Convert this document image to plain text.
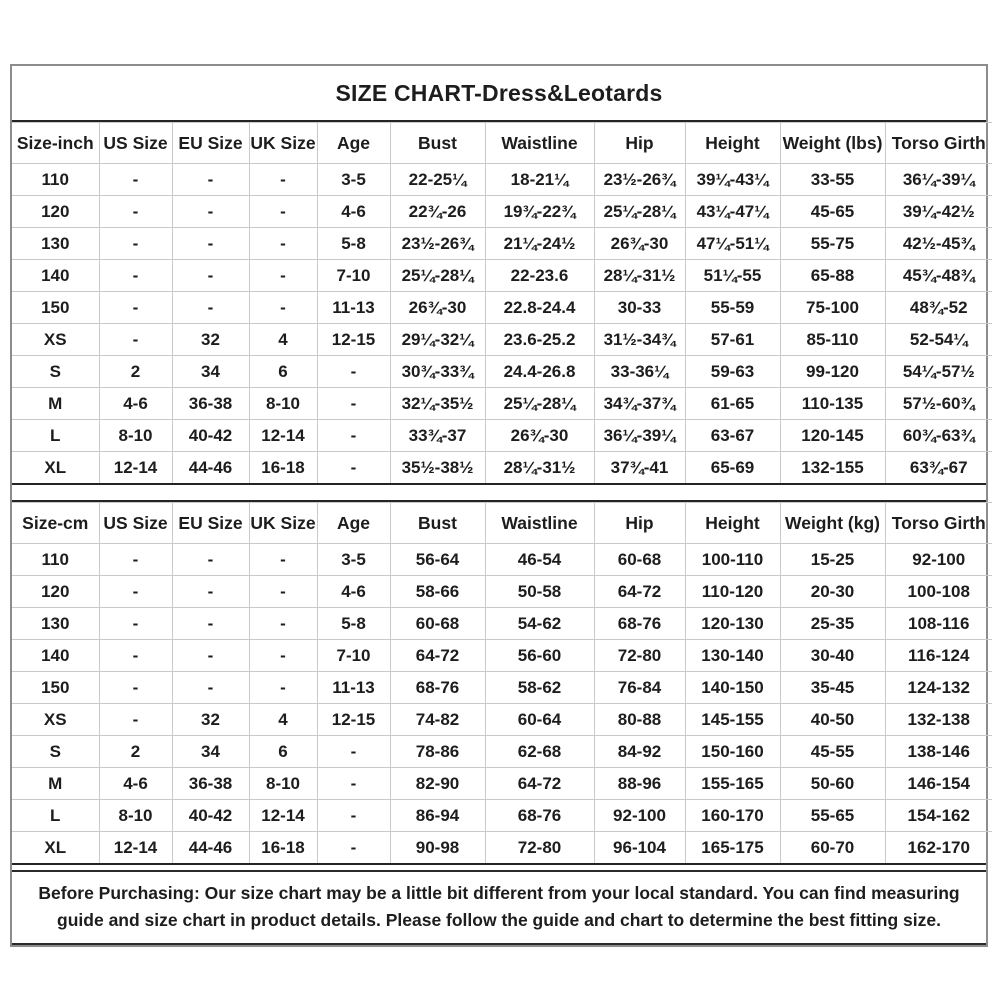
SIZE CHART-Dress&Leotards
Size-inch	US Size	EU Size	UK Size	Age	Bust	Waistline	Hip	Height	Weight (lbs)	Torso Girth
110	-	-	-	3-5	22-25¼	18-21¼	23½-26¾	39¼-43¼	33-55	36¼-39¼
120	-	-	-	4-6	22¾-26	19¾-22¾	25¼-28¼	43¼-47¼	45-65	39¼-42½
130	-	-	-	5-8	23½-26¾	21¼-24½	26¾-30	47¼-51¼	55-75	42½-45¾
140	-	-	-	7-10	25¼-28¼	22-23.6	28¼-31½	51¼-55	65-88	45¾-48¾
150	-	-	-	11-13	26¾-30	22.8-24.4	30-33	55-59	75-100	48¾-52
XS	-	32	4	12-15	29¼-32¼	23.6-25.2	31½-34¾	57-61	85-110	52-54¼
S	2	34	6	-	30¾-33¾	24.4-26.8	33-36¼	59-63	99-120	54¼-57½
M	4-6	36-38	8-10	-	32¼-35½	25¼-28¼	34¾-37¾	61-65	110-135	57½-60¾
L	8-10	40-42	12-14	-	33¾-37	26¾-30	36¼-39¼	63-67	120-145	60¾-63¾
XL	12-14	44-46	16-18	-	35½-38½	28¼-31½	37¾-41	65-69	132-155	63¾-67
Size-cm	US Size	EU Size	UK Size	Age	Bust	Waistline	Hip	Height	Weight (kg)	Torso Girth
110	-	-	-	3-5	56-64	46-54	60-68	100-110	15-25	92-100
120	-	-	-	4-6	58-66	50-58	64-72	110-120	20-30	100-108
130	-	-	-	5-8	60-68	54-62	68-76	120-130	25-35	108-116
140	-	-	-	7-10	64-72	56-60	72-80	130-140	30-40	116-124
150	-	-	-	11-13	68-76	58-62	76-84	140-150	35-45	124-132
XS	-	32	4	12-15	74-82	60-64	80-88	145-155	40-50	132-138
S	2	34	6	-	78-86	62-68	84-92	150-160	45-55	138-146
M	4-6	36-38	8-10	-	82-90	64-72	88-96	155-165	50-60	146-154
L	8-10	40-42	12-14	-	86-94	68-76	92-100	160-170	55-65	154-162
XL	12-14	44-46	16-18	-	90-98	72-80	96-104	165-175	60-70	162-170
Before Purchasing: Our size chart may be a little bit different from your local standard. You can find measuring guide and size chart in product details. Please follow the guide and chart to determine the best fitting size.
